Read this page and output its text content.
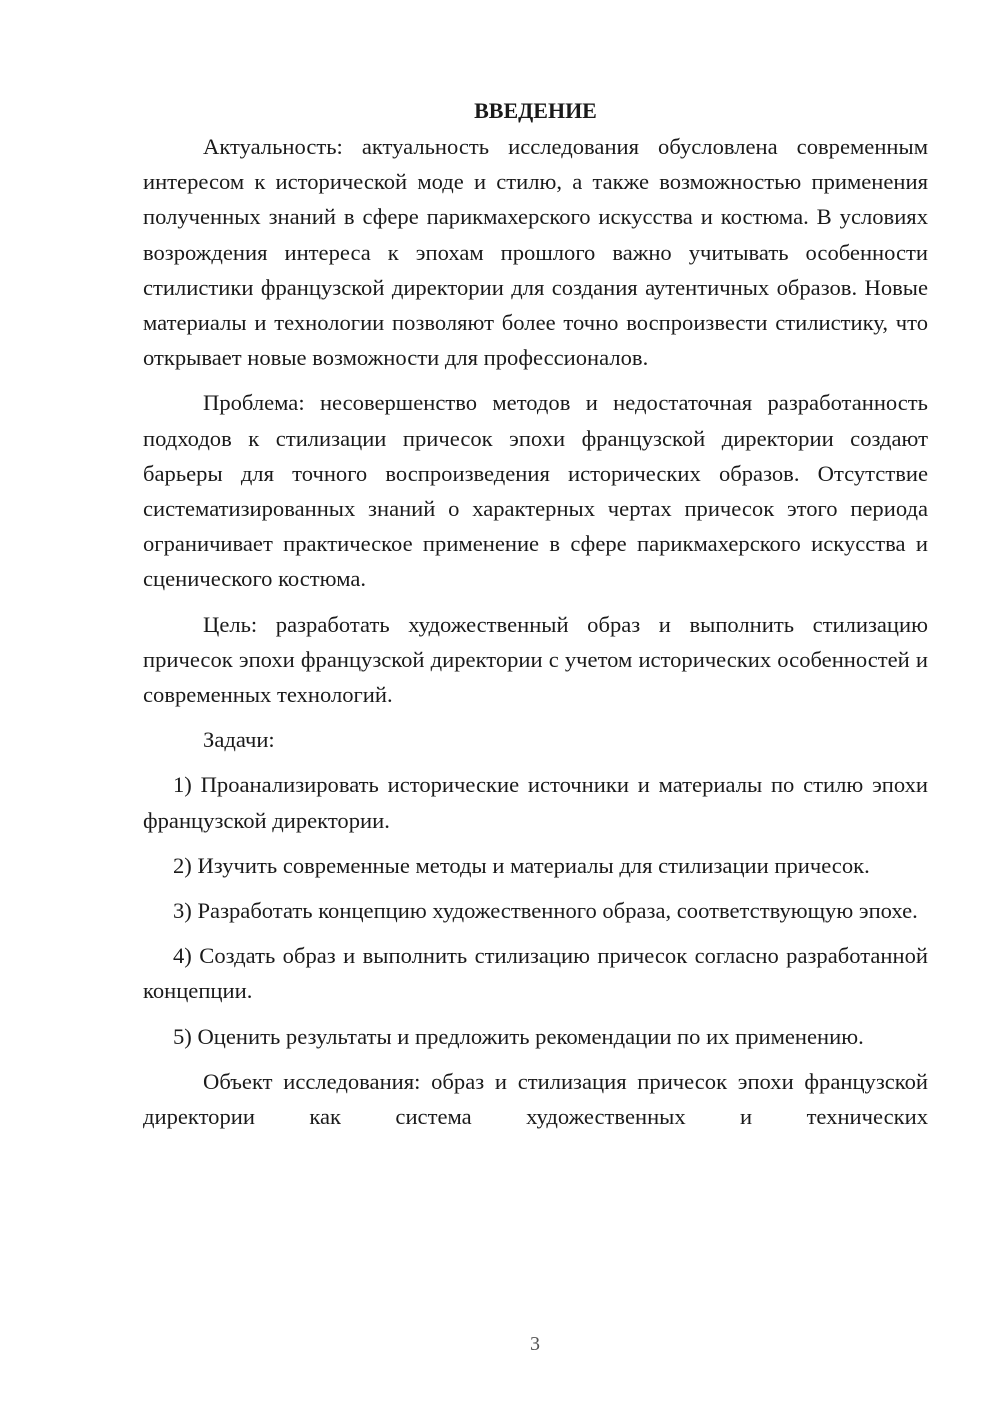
ВВЕДЕНИЕ

Актуальность: актуальность исследования обусловлена современным интересом к исторической моде и стилю, а также возможностью применения полученных знаний в сфере парикмахерского искусства и костюма. В условиях возрождения интереса к эпохам прошлого важно учитывать особенности стилистики французской директории для создания аутентичных образов. Новые материалы и технологии позволяют более точно воспроизвести стилистику, что открывает новые возможности для профессионалов.

Проблема: несовершенство методов и недостаточная разработанность подходов к стилизации причесок эпохи французской директории создают барьеры для точного воспроизведения исторических образов. Отсутствие систематизированных знаний о характерных чертах причесок этого периода ограничивает практическое применение в сфере парикмахерского искусства и сценического костюма.

Цель: разработать художественный образ и выполнить стилизацию причесок эпохи французской директории с учетом исторических особенностей и современных технологий.

Задачи:

1) Проанализировать исторические источники и материалы по стилю эпохи французской директории.

2) Изучить современные методы и материалы для стилизации причесок.

3) Разработать концепцию художественного образа, соответствующую эпохе.

4) Создать образ и выполнить стилизацию причесок согласно разработанной концепции.

5) Оценить результаты и предложить рекомендации по их применению.

Объект исследования: образ и стилизация причесок эпохи французской директории как система художественных и технических

3
